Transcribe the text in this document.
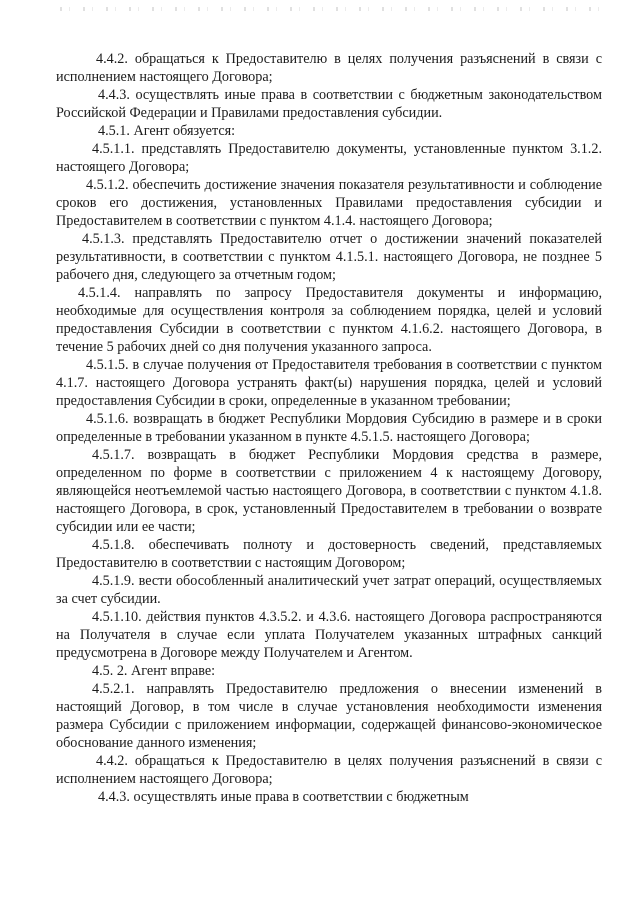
4.4.2. обращаться к Предоставителю в целях получения разъяснений в связи с исполнением настоящего Договора;

4.4.3. осуществлять иные права в соответствии с бюджетным законодательством Российской Федерации и Правилами предоставления субсидии.

4.5.1. Агент обязуется:

4.5.1.1. представлять Предоставителю документы, установленные пунктом 3.1.2. настоящего Договора;

4.5.1.2. обеспечить достижение значения показателя результативности и соблюдение сроков его достижения, установленных Правилами предоставления субсидии и Предоставителем в соответствии с пунктом 4.1.4. настоящего Договора;

4.5.1.3. представлять Предоставителю отчет о достижении значений показателей результативности, в соответствии с пунктом 4.1.5.1. настоящего Договора, не позднее 5 рабочего дня, следующего за отчетным годом;

4.5.1.4. направлять по запросу Предоставителя документы и информацию, необходимые для осуществления контроля за соблюдением порядка, целей и условий предоставления Субсидии в соответствии с пунктом 4.1.6.2. настоящего Договора, в течение 5 рабочих дней со дня получения указанного запроса.

4.5.1.5. в случае получения от Предоставителя требования в соответствии с пунктом 4.1.7. настоящего Договора устранять факт(ы) нарушения порядка, целей и условий предоставления Субсидии в сроки, определенные в указанном требовании;

4.5.1.6. возвращать в бюджет Республики Мордовия Субсидию в размере и в сроки определенные в требовании указанном в пункте 4.5.1.5. настоящего Договора;

4.5.1.7. возвращать в бюджет Республики Мордовия средства в размере, определенном по форме в соответствии с приложением 4 к настоящему Договору, являющейся неотъемлемой частью настоящего Договора, в соответствии с пунктом 4.1.8. настоящего Договора, в срок, установленный Предоставителем в требовании о возврате субсидии или ее части;

4.5.1.8. обеспечивать полноту и достоверность сведений, представляемых Предоставителю в соответствии с настоящим Договором;

4.5.1.9. вести обособленный аналитический учет затрат операций, осуществляемых за счет субсидии.

4.5.1.10. действия пунктов 4.3.5.2. и 4.3.6. настоящего Договора распространяются на Получателя в случае если уплата Получателем указанных штрафных санкций предусмотрена в Договоре между Получателем и Агентом.

4.5. 2. Агент вправе:

4.5.2.1. направлять Предоставителю предложения о внесении изменений в настоящий Договор, в том числе в случае установления необходимости изменения размера Субсидии с приложением информации, содержащей финансово-экономическое обоснование данного изменения;

4.4.2. обращаться к Предоставителю в целях получения разъяснений в связи с исполнением настоящего Договора;

4.4.3. осуществлять иные права в соответствии с бюджетным
